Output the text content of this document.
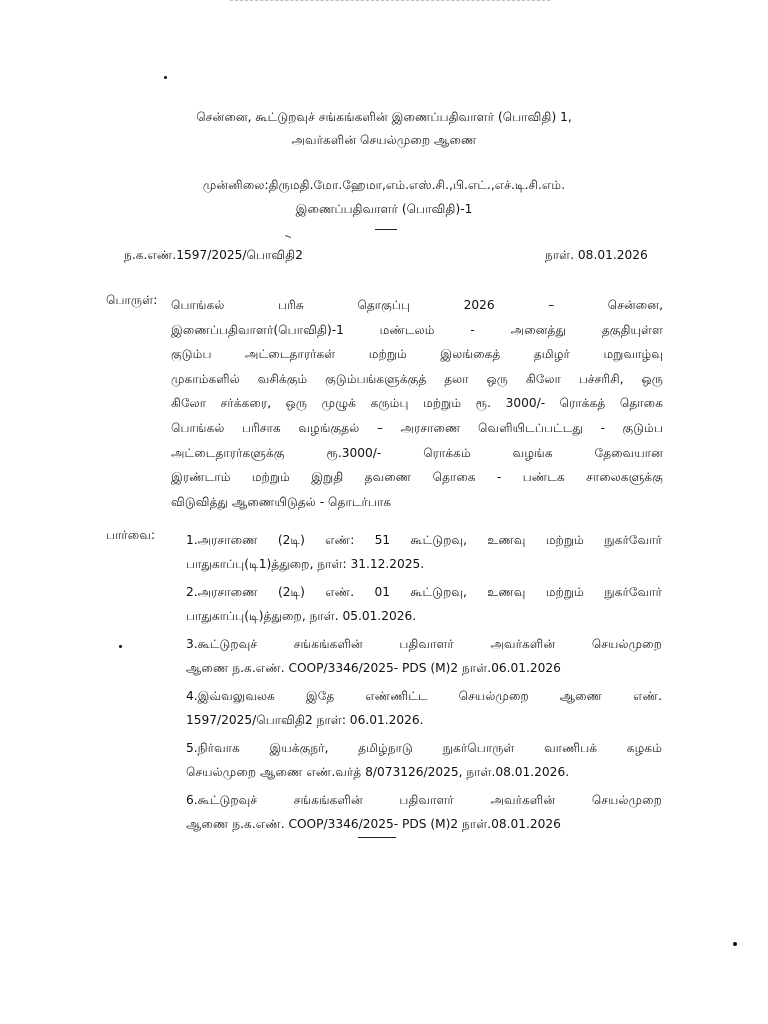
சென்னை, கூட்டுறவுச் சங்கங்களின் இணைப்பதிவாளர் (பொவிதி) 1,
அவர்களின் செயல்முறை ஆணை
முன்னிலை:திருமதி.மோ.ஹேமா,எம்.எஸ்.சி.,பி.எட்.,எச்.டி.சி.எம்.
இணைப்பதிவாளர் (பொவிதி)-1
ந.க.எண்.1597/2025/பொவிதி2	நாள். 08.01.2026
பொருள்: பொங்கல் பரிசு தொகுப்பு 2026 – சென்னை,
இணைப்பதிவாளர்(பொவிதி)-1 மண்டலம் - அனைத்து தகுதியுள்ள
குடும்ப அட்டைதாரர்கள் மற்றும் இலங்கைத் தமிழர் மறுவாழ்வு
முகாம்களில் வசிக்கும் குடும்பங்களுக்குத் தலா ஒரு கிலோ பச்சரிசி, ஒரு
கிலோ சர்க்கரை, ஒரு முழுக் கரும்பு மற்றும் ரூ. 3000/- ரொக்கத் தொகை
பொங்கல் பரிசாக வழங்குதல் – அரசாணை வெளியிடப்பட்டது - குடும்ப
அட்டைதாரர்களுக்கு ரூ.3000/- ரொக்கம் வழங்க தேவையான
இரண்டாம் மற்றும் இறுதி தவணை தொகை - பண்டக சாலைகளுக்கு
விடுவித்து ஆணையிடுதல் - தொடர்பாக
பார்வை:	1.அரசாணை (2டி) எண்: 51 கூட்டுறவு, உணவு மற்றும் நுகர்வோர்
பாதுகாப்பு(டி1)த்துறை, நாள்: 31.12.2025.
2.அரசாணை (2டி) எண். 01 கூட்டுறவு, உணவு மற்றும் நுகர்வோர்
பாதுகாப்பு(டி)த்துறை, நாள். 05.01.2026.
3.கூட்டுறவுச் சங்கங்களின் பதிவாளர் அவர்களின் செயல்முறை
ஆணை ந.க.எண். COOP/3346/2025- PDS (M)2 நாள்.06.01.2026
4.இவ்வலுவலக இதே எண்ணிட்ட செயல்முறை ஆணை எண்.
1597/2025/பொவிதி2 நாள்: 06.01.2026.
5.நிர்வாக இயக்குநர், தமிழ்நாடு நுகர்பொருள் வாணிபக் கழகம்
செயல்முறை ஆணை எண்.வர்த் 8/073126/2025, நாள்.08.01.2026.
6.கூட்டுறவுச் சங்கங்களின் பதிவாளர் அவர்களின் செயல்முறை
ஆணை ந.க.எண். COOP/3346/2025- PDS (M)2 நாள்.08.01.2026
